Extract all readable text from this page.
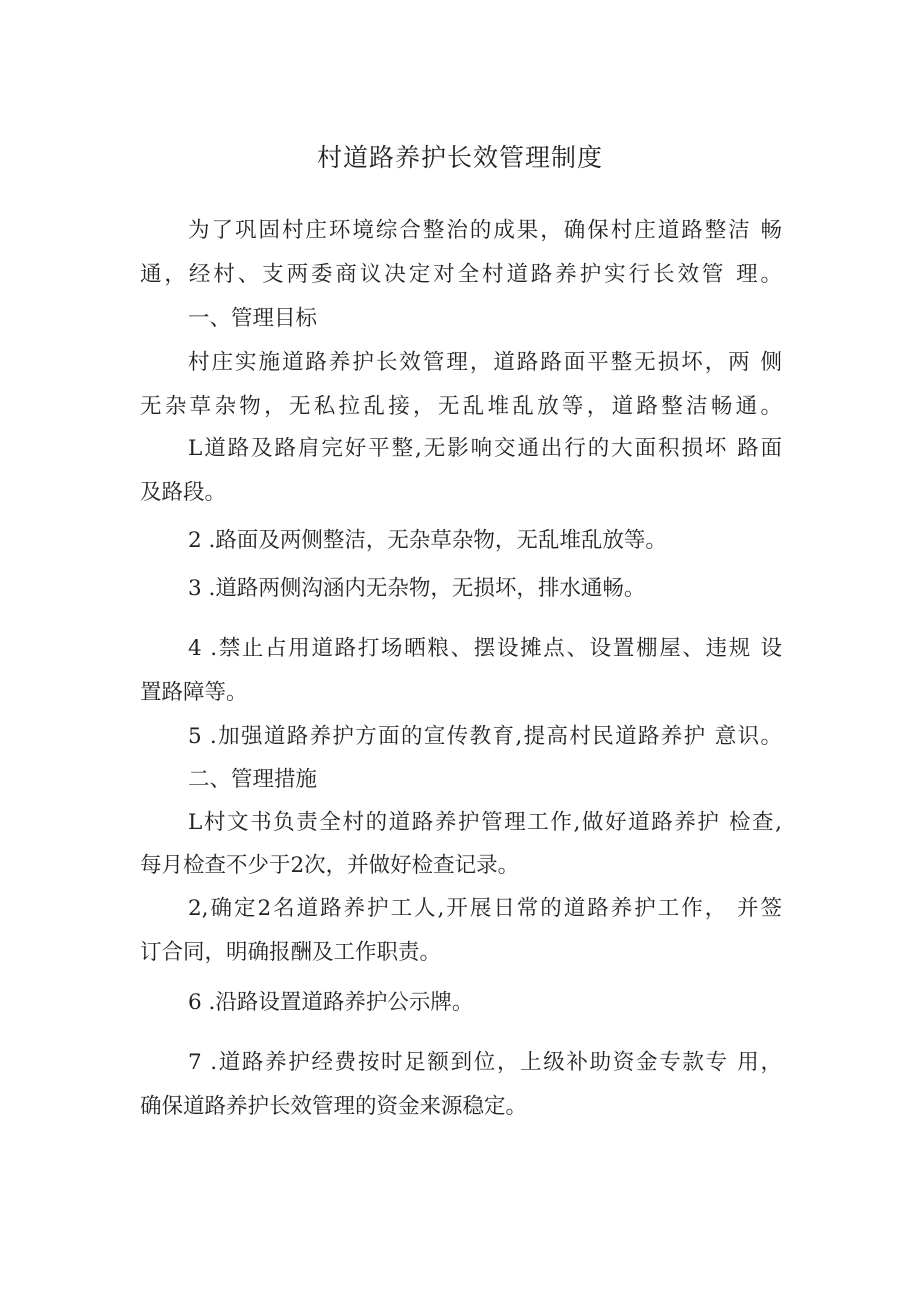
村道路养护长效管理制度
为了巩固村庄环境综合整治的成果，确保村庄道路整洁 畅
通，经村、支两委商议决定对全村道路养护实行长效管 理。
一、管理目标
村庄实施道路养护长效管理，道路路面平整无损坏，两 侧
无杂草杂物，无私拉乱接，无乱堆乱放等，道路整洁畅通。
L道路及路肩完好平整,无影响交通出行的大面积损坏 路面
及路段。
2 .路面及两侧整洁，无杂草杂物，无乱堆乱放等。
3 .道路两侧沟涵内无杂物，无损坏，排水通畅。
4 .禁止占用道路打场晒粮、摆设摊点、设置棚屋、违规 设
置路障等。
5 .加强道路养护方面的宣传教育,提高村民道路养护 意识。
二、管理措施
L村文书负责全村的道路养护管理工作,做好道路养护 检查,
每月检查不少于2次，并做好检查记录。
2,确定2名道路养护工人,开展日常的道路养护工作， 并签
订合同，明确报酬及工作职责。
6 .沿路设置道路养护公示牌。
7 .道路养护经费按时足额到位，上级补助资金专款专 用，
确保道路养护长效管理的资金来源稳定。
